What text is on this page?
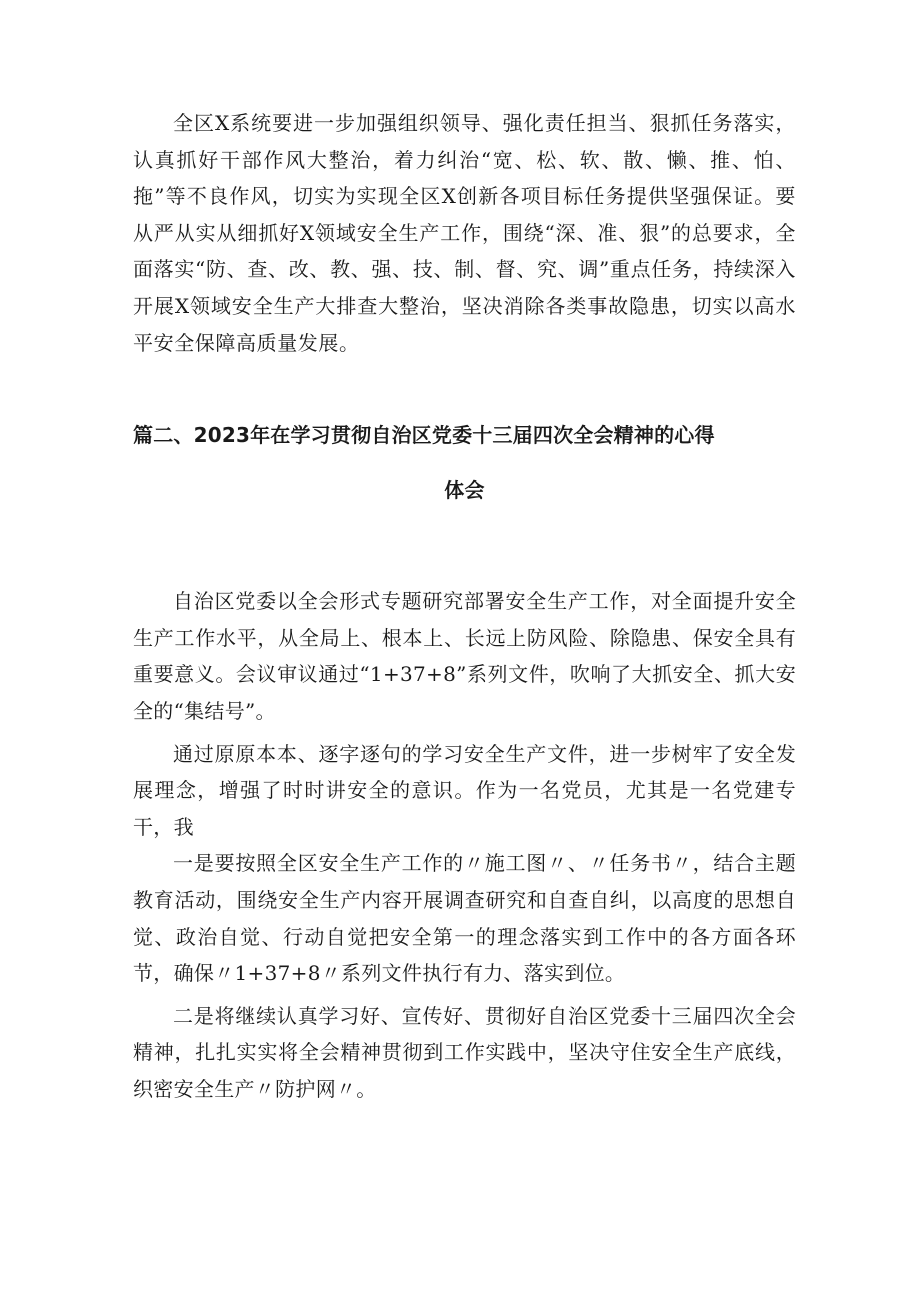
全区X系统要进一步加强组织领导、强化责任担当、狠抓任务落实，认真抓好干部作风大整治，着力纠治“宽、松、软、散、懒、推、怕、拖”等不良作风，切实为实现全区X创新各项目标任务提供坚强保证。要从严从实从细抓好X领域安全生产工作，围绕“深、准、狠”的总要求，全面落实“防、查、改、教、强、技、制、督、究、调”重点任务，持续深入开展X领域安全生产大排查大整治，坚决消除各类事故隐患，切实以高水平安全保障高质量发展。

篇二、2023年在学习贯彻自治区党委十三届四次全会精神的心得
体会

自治区党委以全会形式专题研究部署安全生产工作，对全面提升安全生产工作水平，从全局上、根本上、长远上防风险、除隐患、保安全具有重要意义。会议审议通过“1+37+8”系列文件，吹响了大抓安全、抓大安全的“集结号”。

通过原原本本、逐字逐句的学习安全生产文件，进一步树牢了安全发展理念，增强了时时讲安全的意识。作为一名党员，尤其是一名党建专干，我

一是要按照全区安全生产工作的〃施工图〃、〃任务书〃，结合主题教育活动，围绕安全生产内容开展调查研究和自查自纠，以高度的思想自觉、政治自觉、行动自觉把安全第一的理念落实到工作中的各方面各环节，确保〃1+37+8〃系列文件执行有力、落实到位。

二是将继续认真学习好、宣传好、贯彻好自治区党委十三届四次全会精神，扎扎实实将全会精神贯彻到工作实践中，坚决守住安全生产底线，织密安全生产〃防护网〃。
